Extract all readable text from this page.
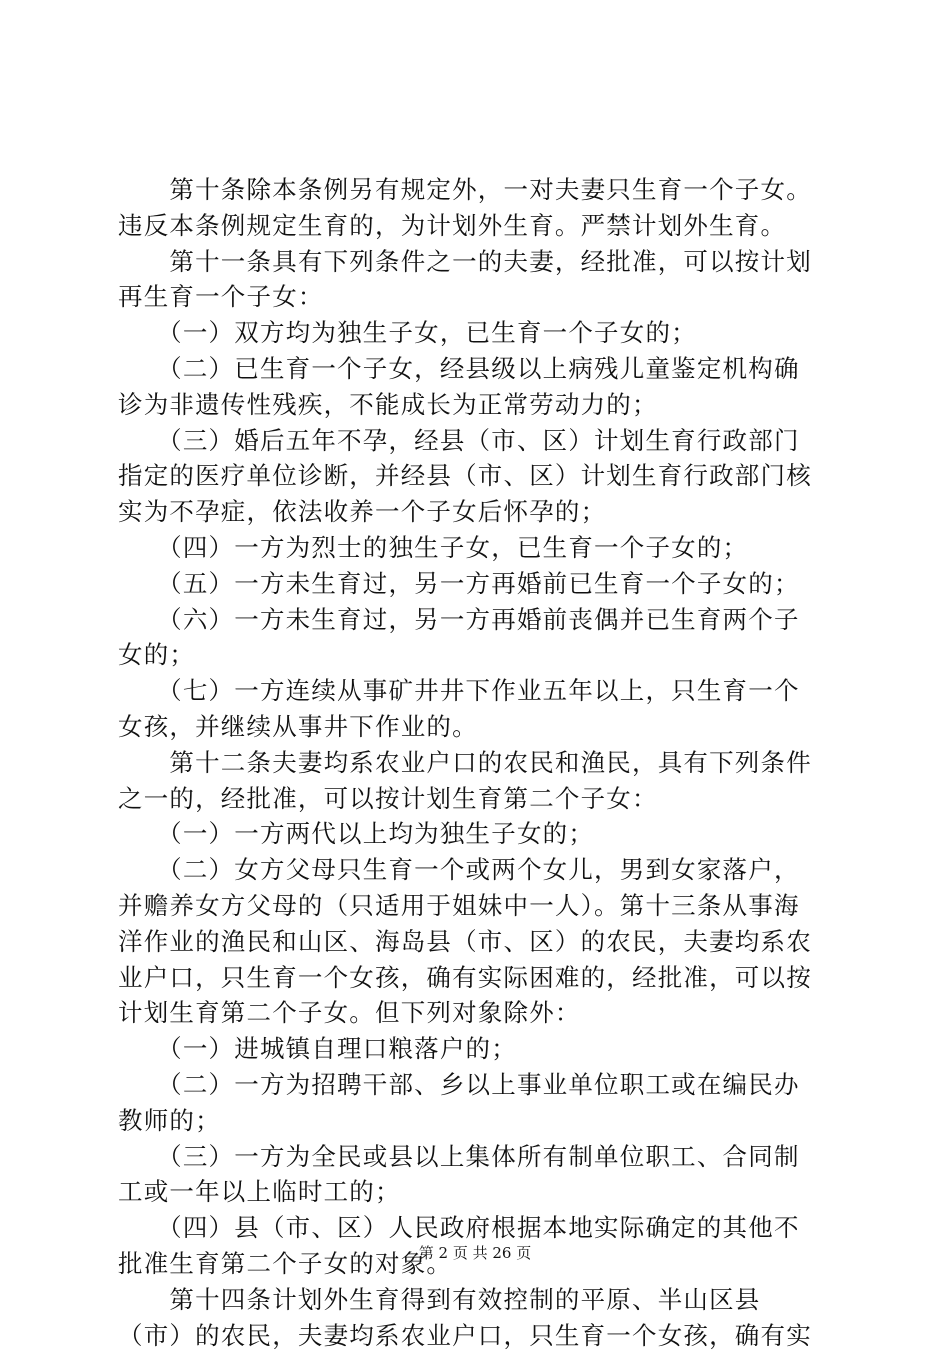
　　第十条除本条例另有规定外，一对夫妻只生育一个子女。
违反本条例规定生育的，为计划外生育。严禁计划外生育。
　　第十一条具有下列条件之一的夫妻，经批准，可以按计划
再生育一个子女：
　　（一）双方均为独生子女，已生育一个子女的；
　　（二）已生育一个子女，经县级以上病残儿童鉴定机构确
诊为非遗传性残疾，不能成长为正常劳动力的；
　　（三）婚后五年不孕，经县（市、区）计划生育行政部门
指定的医疗单位诊断，并经县（市、区）计划生育行政部门核
实为不孕症，依法收养一个子女后怀孕的；
　　（四）一方为烈士的独生子女，已生育一个子女的；
　　（五）一方未生育过，另一方再婚前已生育一个子女的；
　　（六）一方未生育过，另一方再婚前丧偶并已生育两个子
女的；
　　（七）一方连续从事矿井井下作业五年以上，只生育一个
女孩，并继续从事井下作业的。
　　第十二条夫妻均系农业户口的农民和渔民，具有下列条件
之一的，经批准，可以按计划生育第二个子女：
　　（一）一方两代以上均为独生子女的；
　　（二）女方父母只生育一个或两个女儿，男到女家落户，
并赡养女方父母的（只适用于姐妹中一人）。第十三条从事海
洋作业的渔民和山区、海岛县（市、区）的农民，夫妻均系农
业户口，只生育一个女孩，确有实际困难的，经批准，可以按
计划生育第二个子女。但下列对象除外：
　　（一）进城镇自理口粮落户的；
　　（二）一方为招聘干部、乡以上事业单位职工或在编民办
教师的；
　　（三）一方为全民或县以上集体所有制单位职工、合同制
工或一年以上临时工的；
　　（四）县（市、区）人民政府根据本地实际确定的其他不
批准生育第二个子女的对象。
　　第十四条计划外生育得到有效控制的平原、半山区县
（市）的农民，夫妻均系农业户口，只生育一个女孩，确有实
第 2 页 共 26 页
